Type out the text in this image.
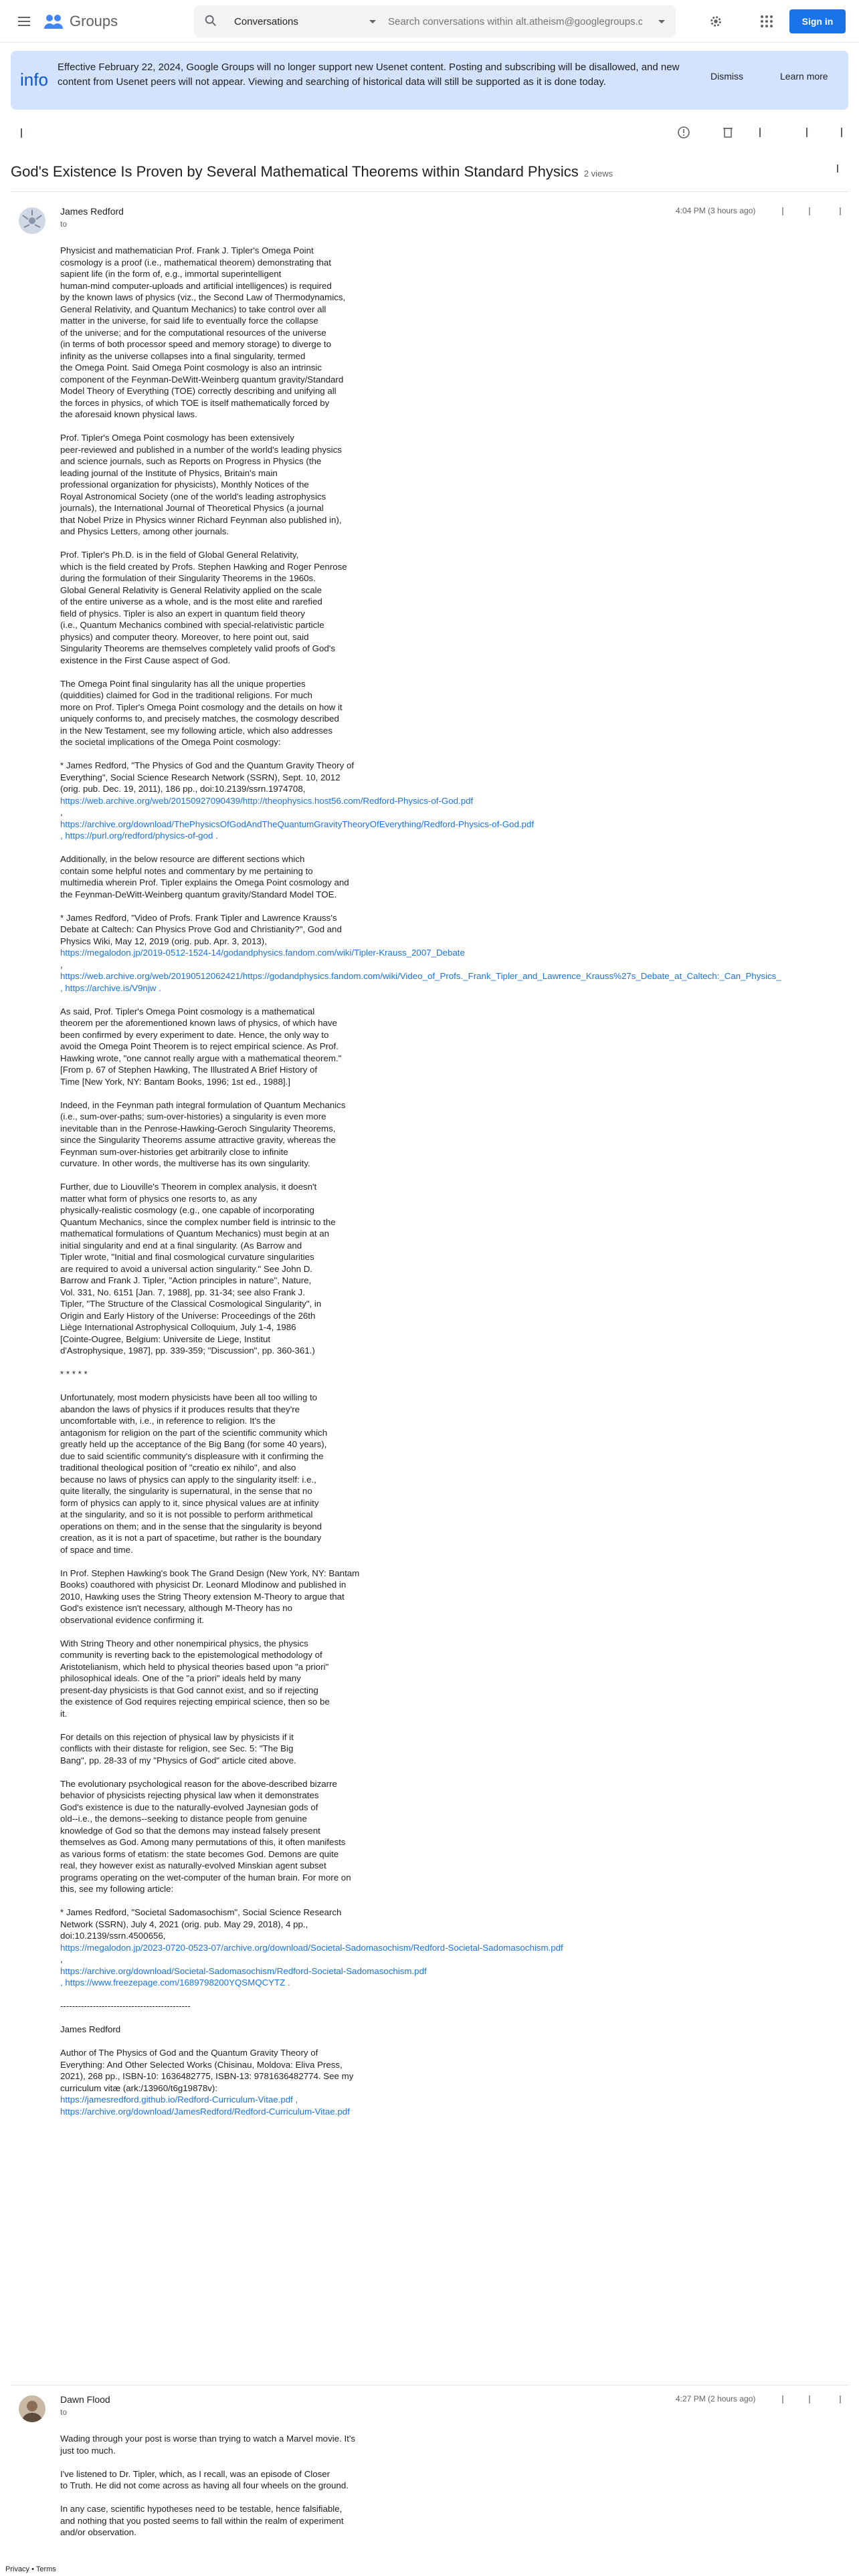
Groups	Conversations
Search conversations within alt.atheism@googlegroups.com	Sign in
info
Effective February 22, 2024, Google Groups will no longer support new Usenet content. Posting and subscribing will be disallowed, and new content from Usenet peers will not appear. Viewing and searching of historical data will still be supported as it is done today.	Dismiss	Learn more
God's Existence Is Proven by Several Mathematical Theorems within Standard Physics 2 views
James Redford
to
4:04 PM (3 hours ago)

Physicist and mathematician Prof. Frank J. Tipler's Omega Point
cosmology is a proof (i.e., mathematical theorem) demonstrating that
sapient life (in the form of, e.g., immortal superintelligent
human-mind computer-uploads and artificial intelligences) is required
by the known laws of physics (viz., the Second Law of Thermodynamics,
General Relativity, and Quantum Mechanics) to take control over all
matter in the universe, for said life to eventually force the collapse
of the universe; and for the computational resources of the universe
(in terms of both processor speed and memory storage) to diverge to
infinity as the universe collapses into a final singularity, termed
the Omega Point. Said Omega Point cosmology is also an intrinsic
component of the Feynman-DeWitt-Weinberg quantum gravity/Standard
Model Theory of Everything (TOE) correctly describing and unifying all
the forces in physics, of which TOE is itself mathematically forced by
the aforesaid known physical laws.

Prof. Tipler's Omega Point cosmology has been extensively
peer-reviewed and published in a number of the world's leading physics
and science journals, such as Reports on Progress in Physics (the
leading journal of the Institute of Physics, Britain's main
professional organization for physicists), Monthly Notices of the
Royal Astronomical Society (one of the world's leading astrophysics
journals), the International Journal of Theoretical Physics (a journal
that Nobel Prize in Physics winner Richard Feynman also published in),
and Physics Letters, among other journals.

Prof. Tipler's Ph.D. is in the field of Global General Relativity,
which is the field created by Profs. Stephen Hawking and Roger Penrose
during the formulation of their Singularity Theorems in the 1960s.
Global General Relativity is General Relativity applied on the scale
of the entire universe as a whole, and is the most elite and rarefied
field of physics. Tipler is also an expert in quantum field theory
(i.e., Quantum Mechanics combined with special-relativistic particle
physics) and computer theory. Moreover, to here point out, said
Singularity Theorems are themselves completely valid proofs of God's
existence in the First Cause aspect of God.

The Omega Point final singularity has all the unique properties
(quiddities) claimed for God in the traditional religions. For much
more on Prof. Tipler's Omega Point cosmology and the details on how it
uniquely conforms to, and precisely matches, the cosmology described
in the New Testament, see my following article, which also addresses
the societal implications of the Omega Point cosmology:

* James Redford, "The Physics of God and the Quantum Gravity Theory of
Everything", Social Science Research Network (SSRN), Sept. 10, 2012
(orig. pub. Dec. 19, 2011), 186 pp., doi:10.2139/ssrn.1974708,
https://web.archive.org/web/20150927090439/http://theophysics.host56.com/Redford-Physics-of-God.pdf
,
https://archive.org/download/ThePhysicsOfGodAndTheQuantumGravityTheoryOfEverything/Redford-Physics-of-God.pdf
, https://purl.org/redford/physics-of-god .

Additionally, in the below resource are different sections which
contain some helpful notes and commentary by me pertaining to
multimedia wherein Prof. Tipler explains the Omega Point cosmology and
the Feynman-DeWitt-Weinberg quantum gravity/Standard Model TOE.

* James Redford, "Video of Profs. Frank Tipler and Lawrence Krauss's
Debate at Caltech: Can Physics Prove God and Christianity?", God and
Physics Wiki, May 12, 2019 (orig. pub. Apr. 3, 2013),
https://megalodon.jp/2019-0512-1524-14/godandphysics.fandom.com/wiki/Tipler-Krauss_2007_Debate
,
https://web.archive.org/web/20190512062421/https://godandphysics.fandom.com/wiki/Video_of_Profs._Frank_Tipler_and_Lawrence_Krauss%27s_Debate_at_Caltech:_Can_Physics_
, https://archive.is/V9njw .

As said, Prof. Tipler's Omega Point cosmology is a mathematical
theorem per the aforementioned known laws of physics, of which have
been confirmed by every experiment to date. Hence, the only way to
avoid the Omega Point Theorem is to reject empirical science. As Prof.
Hawking wrote, "one cannot really argue with a mathematical theorem."
[From p. 67 of Stephen Hawking, The Illustrated A Brief History of
Time [New York, NY: Bantam Books, 1996; 1st ed., 1988].]

Indeed, in the Feynman path integral formulation of Quantum Mechanics
(i.e., sum-over-paths; sum-over-histories) a singularity is even more
inevitable than in the Penrose-Hawking-Geroch Singularity Theorems,
since the Singularity Theorems assume attractive gravity, whereas the
Feynman sum-over-histories get arbitrarily close to infinite
curvature. In other words, the multiverse has its own singularity.

Further, due to Liouville's Theorem in complex analysis, it doesn't
matter what form of physics one resorts to, as any
physically-realistic cosmology (e.g., one capable of incorporating
Quantum Mechanics, since the complex number field is intrinsic to the
mathematical formulations of Quantum Mechanics) must begin at an
initial singularity and end at a final singularity. (As Barrow and
Tipler wrote, "Initial and final cosmological curvature singularities
are required to avoid a universal action singularity." See John D.
Barrow and Frank J. Tipler, "Action principles in nature", Nature,
Vol. 331, No. 6151 [Jan. 7, 1988], pp. 31-34; see also Frank J.
Tipler, "The Structure of the Classical Cosmological Singularity", in
Origin and Early History of the Universe: Proceedings of the 26th
Liège International Astrophysical Colloquium, July 1-4, 1986
[Cointe-Ougree, Belgium: Universite de Liege, Institut
d'Astrophysique, 1987], pp. 339-359; "Discussion", pp. 360-361.)

* * * * *

Unfortunately, most modern physicists have been all too willing to
abandon the laws of physics if it produces results that they're
uncomfortable with, i.e., in reference to religion. It's the
antagonism for religion on the part of the scientific community which
greatly held up the acceptance of the Big Bang (for some 40 years),
due to said scientific community's displeasure with it confirming the
traditional theological position of "creatio ex nihilo", and also
because no laws of physics can apply to the singularity itself: i.e.,
quite literally, the singularity is supernatural, in the sense that no
form of physics can apply to it, since physical values are at infinity
at the singularity, and so it is not possible to perform arithmetical
operations on them; and in the sense that the singularity is beyond
creation, as it is not a part of spacetime, but rather is the boundary
of space and time.

In Prof. Stephen Hawking's book The Grand Design (New York, NY: Bantam
Books) coauthored with physicist Dr. Leonard Mlodinow and published in
2010, Hawking uses the String Theory extension M-Theory to argue that
God's existence isn't necessary, although M-Theory has no
observational evidence confirming it.

With String Theory and other nonempirical physics, the physics
community is reverting back to the epistemological methodology of
Aristotelianism, which held to physical theories based upon "a priori"
philosophical ideals. One of the "a priori" ideals held by many
present-day physicists is that God cannot exist, and so if rejecting
the existence of God requires rejecting empirical science, then so be
it.

For details on this rejection of physical law by physicists if it
conflicts with their distaste for religion, see Sec. 5: "The Big
Bang", pp. 28-33 of my "Physics of God" article cited above.

The evolutionary psychological reason for the above-described bizarre
behavior of physicists rejecting physical law when it demonstrates
God's existence is due to the naturally-evolved Jaynesian gods of
old--i.e., the demons--seeking to distance people from genuine
knowledge of God so that the demons may instead falsely present
themselves as God. Among many permutations of this, it often manifests
as various forms of etatism: the state becomes God. Demons are quite
real, they however exist as naturally-evolved Minskian agent subset
programs operating on the wet-computer of the human brain. For more on
this, see my following article:

* James Redford, "Societal Sadomasochism", Social Science Research
Network (SSRN), July 4, 2021 (orig. pub. May 29, 2018), 4 pp.,
doi:10.2139/ssrn.4500656,
https://megalodon.jp/2023-0720-0523-07/archive.org/download/Societal-Sadomasochism/Redford-Societal-Sadomasochism.pdf
,
https://archive.org/download/Societal-Sadomasochism/Redford-Societal-Sadomasochism.pdf
, https://www.freezepage.com/1689798200YQSMQCYTZ .

--------------------------------------------

James Redford

Author of The Physics of God and the Quantum Gravity Theory of
Everything: And Other Selected Works (Chisinau, Moldova: Eliva Press,
2021), 268 pp., ISBN-10: 1636482775, ISBN-13: 9781636482774. See my
curriculum vitæ (ark:/13960/t6g19878v):
https://jamesredford.github.io/Redford-Curriculum-Vitae.pdf ,
https://archive.org/download/JamesRedford/Redford-Curriculum-Vitae.pdf

Dawn Flood
to
4:27 PM (2 hours ago)

Wading through your post is worse than trying to watch a Marvel movie. It's
just too much.

I've listened to Dr. Tipler, which, as I recall, was an episode of Closer
to Truth. He did not come across as having all four wheels on the ground.

In any case, scientific hypotheses need to be testable, hence falsifiable,
and nothing that you posted seems to fall within the realm of experiment
and/or observation.

Privacy • Terms
